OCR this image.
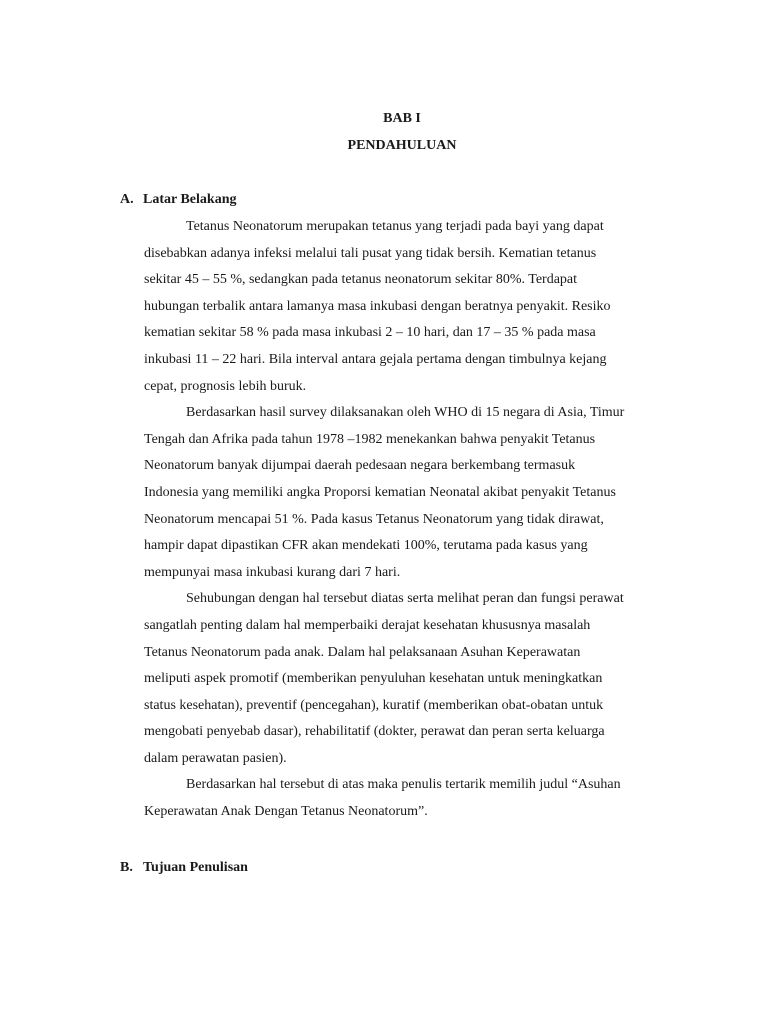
BAB I
PENDAHULUAN
A. Latar Belakang
Tetanus Neonatorum merupakan tetanus yang terjadi pada bayi yang dapat
disebabkan adanya infeksi melalui tali pusat yang tidak bersih. Kematian tetanus
sekitar 45 – 55 %, sedangkan pada tetanus neonatorum sekitar 80%. Terdapat
hubungan terbalik antara lamanya masa inkubasi dengan beratnya penyakit. Resiko
kematian sekitar 58 % pada masa inkubasi 2 – 10 hari, dan 17 – 35 % pada masa
inkubasi 11 – 22 hari. Bila interval antara gejala pertama dengan timbulnya kejang
cepat, prognosis lebih buruk.
Berdasarkan hasil survey dilaksanakan oleh WHO di 15 negara di Asia, Timur
Tengah dan Afrika pada tahun 1978 –1982 menekankan bahwa penyakit Tetanus
Neonatorum banyak dijumpai daerah pedesaan negara berkembang termasuk
Indonesia yang memiliki angka Proporsi kematian Neonatal akibat penyakit Tetanus
Neonatorum mencapai 51 %. Pada kasus Tetanus Neonatorum yang tidak dirawat,
hampir dapat dipastikan CFR akan mendekati 100%, terutama pada kasus yang
mempunyai masa inkubasi kurang dari 7 hari.
Sehubungan dengan hal tersebut diatas serta melihat peran dan fungsi perawat
sangatlah penting dalam hal memperbaiki derajat kesehatan khususnya masalah
Tetanus Neonatorum pada anak. Dalam hal pelaksanaan Asuhan Keperawatan
meliputi aspek promotif (memberikan penyuluhan kesehatan untuk meningkatkan
status kesehatan), preventif (pencegahan), kuratif (memberikan obat-obatan untuk
mengobati penyebab dasar), rehabilitatif (dokter, perawat dan peran serta keluarga
dalam perawatan pasien).
Berdasarkan hal tersebut di atas maka penulis tertarik memilih judul “Asuhan
Keperawatan Anak Dengan Tetanus Neonatorum”.
B. Tujuan Penulisan
